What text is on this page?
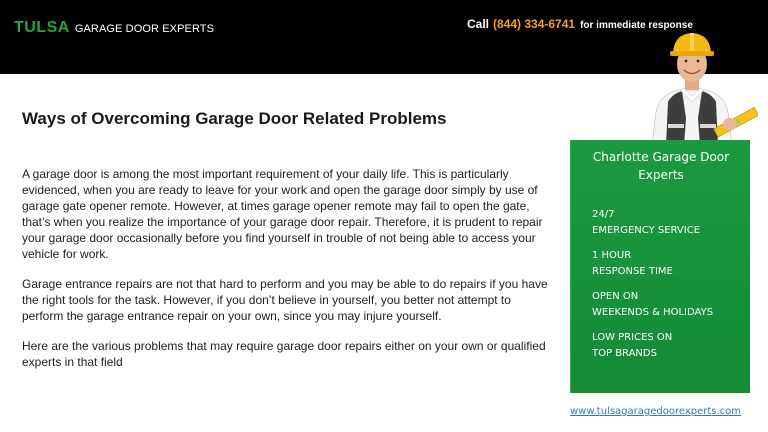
TULSA GARAGE DOOR EXPERTS	Call (844) 334-6741 for immediate response
Ways of Overcoming Garage Door Related Problems

A garage door is among the most important requirement of your daily life. This is particularly evidenced, when you are ready to leave for your work and open the garage door simply by use of garage gate opener remote. However, at times garage opener remote may fail to open the gate, that’s when you realize the importance of your garage door repair. Therefore, it is prudent to repair your garage door occasionally before you find yourself in trouble of not being able to access your vehicle for work.

Garage entrance repairs are not that hard to perform and you may be able to do repairs if you have the right tools for the task. However, if you don’t believe in yourself, you better not attempt to perform the garage entrance repair on your own, since you may injure yourself.

Here are the various problems that may require garage door repairs either on your own or qualified experts in that field

Charlotte Garage Door Experts
24/7
EMERGENCY SERVICE
1 HOUR
RESPONSE TIME
OPEN ON
WEEKENDS & HOLIDAYS
LOW PRICES ON
TOP BRANDS
www.tulsagaragedoorexperts.com
